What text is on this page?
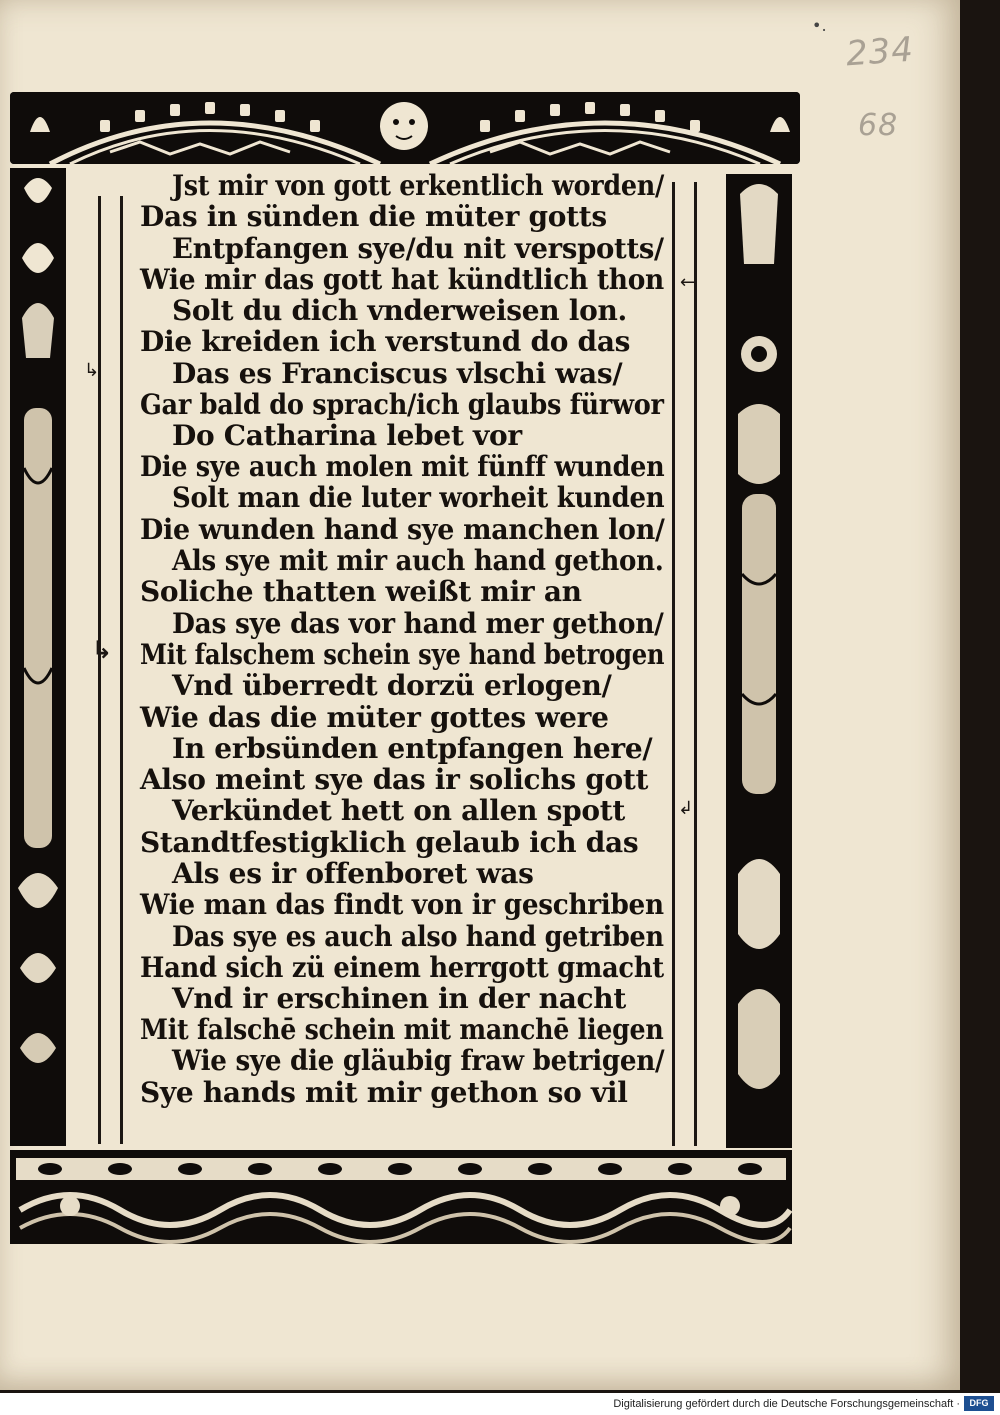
•.
234
68
↳
↳
←
↲
Jst mir von gott erkentlich worden/
Das in sünden die müter gotts
Entpfangen sye/du nit verspotts/
Wie mir das gott hat kündtlich thon
Solt du dich vnderweisen lon.
Die kreiden ich verstund do das
Das es Franciscus vlschi was/
Gar bald do sprach/ich glaubs fürwor
Do Catharina lebet vor
Die sye auch molen mit fünff wunden
Solt man die luter worheit kunden
Die wunden hand sye manchen lon/
Als sye mit mir auch hand gethon.
Soliche thatten weißt mir an
Das sye das vor hand mer gethon/
Mit falschem schein sye hand betrogen
Vnd überredt dorzü erlogen/
Wie das die müter gottes were
In erbsünden entpfangen here/
Also meint sye das ir solichs gott
Verkündet hett on allen spott
Standtfestigklich gelaub ich das
Als es ir offenboret was
Wie man das findt von ir geschriben
Das sye es auch also hand getriben
Hand sich zü einem herrgott gmacht
Vnd ir erschinen in der nacht
Mit falschē schein mit manchē liegen
Wie sye die gläubig fraw betrigen/
Sye hands mit mir gethon so vil
Digitalisierung gefördert durch die Deutsche Forschungsgemeinschaft ·	DFG
